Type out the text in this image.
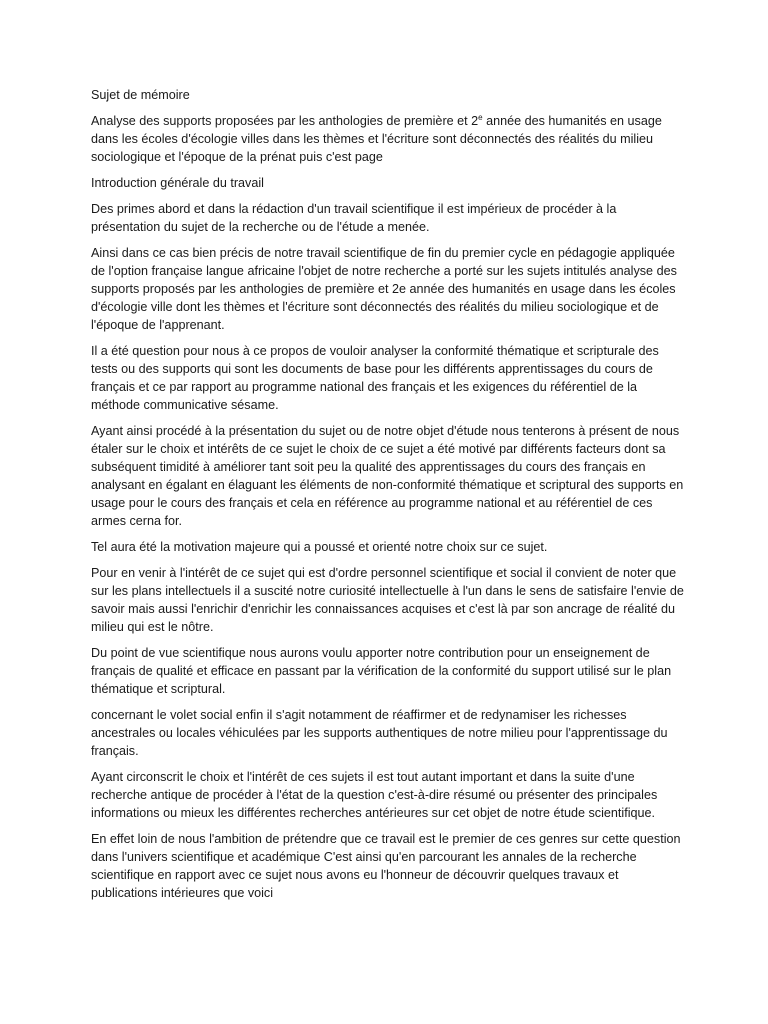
Sujet de mémoire

Analyse des supports proposées par les anthologies de première et 2e année des humanités en usage dans les écoles d'écologie villes dans les thèmes et l'écriture sont déconnectés des réalités du milieu sociologique et l'époque de la prénat puis c'est page

Introduction générale du travail

Des primes abord et dans la rédaction d'un travail scientifique il est impérieux de procéder à la présentation du sujet de la recherche ou de l'étude a menée.

Ainsi dans ce cas bien précis de notre travail scientifique de fin du premier cycle en pédagogie appliquée de l'option française langue africaine l'objet de notre recherche a porté sur les sujets intitulés analyse des supports proposés par les anthologies de première et 2e année des humanités en usage dans les écoles d'écologie ville dont les thèmes et l'écriture sont déconnectés des réalités du milieu sociologique et de l'époque de l'apprenant.

Il a été question pour nous à ce propos de vouloir analyser la conformité thématique et scripturale des tests ou des supports qui sont les documents de base pour les différents apprentissages du cours de français et ce par rapport au programme national des français et les exigences du référentiel de la méthode communicative sésame.

Ayant ainsi procédé à la présentation du sujet ou de notre objet d'étude nous tenterons à présent de nous étaler sur le choix et intérêts de ce sujet le choix de ce sujet a été motivé par différents facteurs dont sa subséquent timidité à améliorer tant soit peu la qualité des apprentissages du cours des français en analysant en égalant en élaguant les éléments de non-conformité thématique et scriptural des supports en usage pour le cours des français et cela en référence au programme national et au référentiel de ces armes cerna for.

Tel aura été la motivation majeure qui a poussé et orienté notre choix sur ce sujet.

Pour en venir à l'intérêt de ce sujet qui est d'ordre personnel scientifique et social il convient de noter que sur les plans intellectuels il a suscité notre curiosité intellectuelle à l'un dans le sens de satisfaire l'envie de savoir mais aussi l'enrichir d'enrichir les connaissances acquises et c'est là par son ancrage de réalité du milieu qui est le nôtre.

Du point de vue scientifique nous aurons voulu apporter notre contribution pour un enseignement de français de qualité et efficace en passant par la vérification de la conformité du support utilisé sur le plan thématique et scriptural.

concernant le volet social enfin il s'agit notamment de réaffirmer et de redynamiser les richesses ancestrales ou locales véhiculées par les supports authentiques de notre milieu pour l'apprentissage du français.

Ayant circonscrit le choix et l'intérêt de ces sujets il est tout autant important et dans la suite d'une recherche antique de procéder à l'état de la question c'est-à-dire résumé ou présenter des principales informations ou mieux les différentes recherches antérieures sur cet objet de notre étude scientifique.

En effet loin de nous l'ambition de prétendre que ce travail est le premier de ces genres sur cette question dans l'univers scientifique et académique C'est ainsi qu'en parcourant les annales de la recherche scientifique en rapport avec ce sujet nous avons eu l'honneur de découvrir quelques travaux et publications intérieures que voici
